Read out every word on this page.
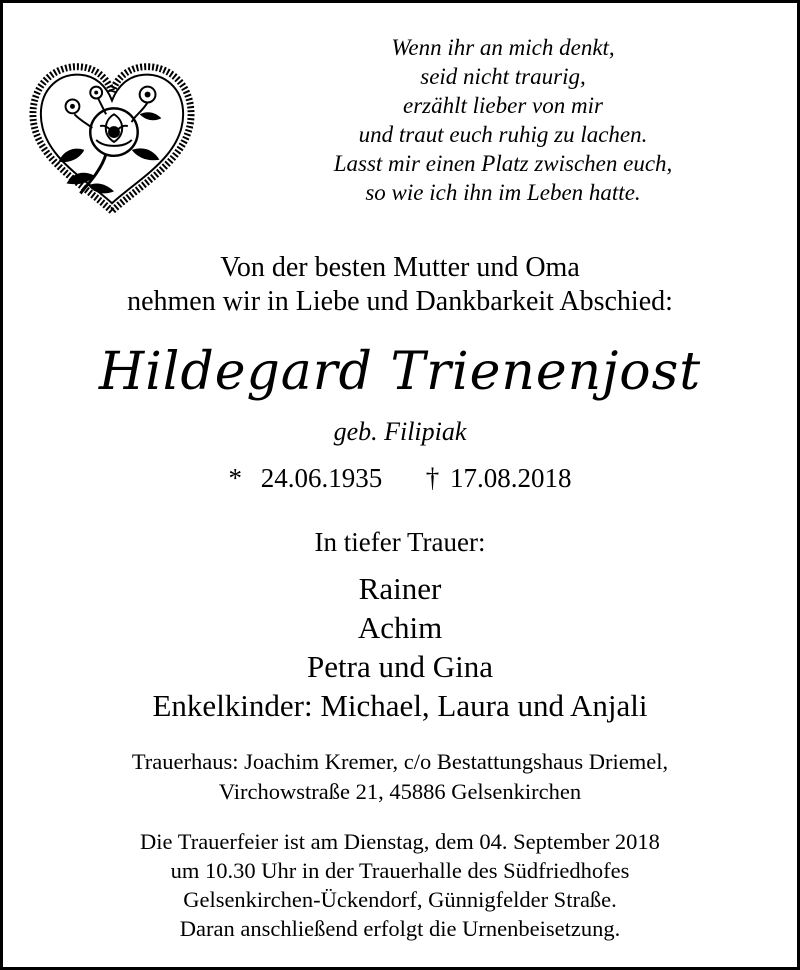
Wenn ihr an mich denkt,
seid nicht traurig,
erzählt lieber von mir
und traut euch ruhig zu lachen.
Lasst mir einen Platz zwischen euch,
so wie ich ihn im Leben hatte.
Von der besten Mutter und Oma
nehmen wir in Liebe und Dankbarkeit Abschied:
Hildegard Trienenjost
geb. Filipiak
* 24.06.1935 † 17.08.2018
In tiefer Trauer:
Rainer
Achim
Petra und Gina
Enkelkinder: Michael, Laura und Anjali
Trauerhaus: Joachim Kremer, c/o Bestattungshaus Driemel,
Virchowstraße 21, 45886 Gelsenkirchen
Die Trauerfeier ist am Dienstag, dem 04. September 2018
um 10.30 Uhr in der Trauerhalle des Südfriedhofes
Gelsenkirchen-Ückendorf, Günnigfelder Straße.
Daran anschließend erfolgt die Urnenbeisetzung.
